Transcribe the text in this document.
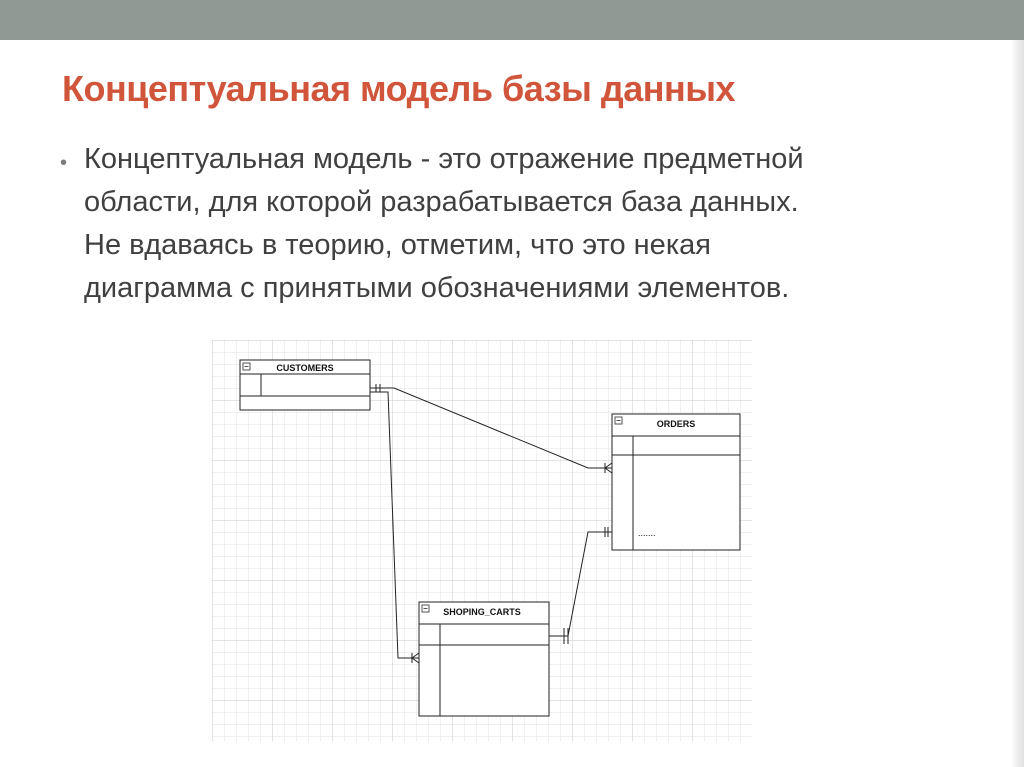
Концептуальная модель базы данных
• Концептуальная модель - это отражение предметной
области, для которой разрабатывается база данных.
Не вдаваясь в теорию, отметим, что это некая
диаграмма с принятыми обозначениями элементов.
CUSTOMERS
ORDERS
.......
SHOPING_CARTS
